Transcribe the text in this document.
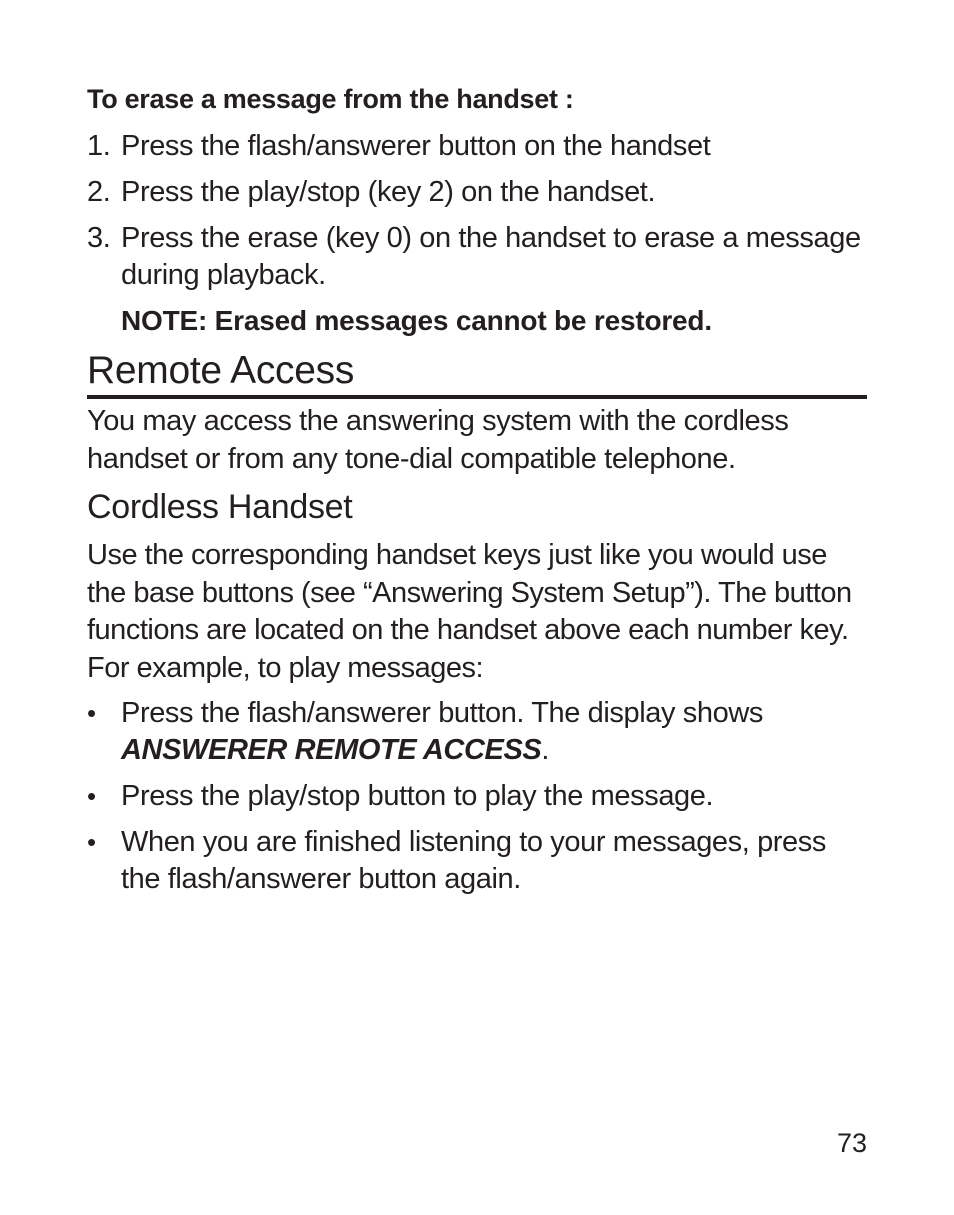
To erase a message from the handset :
1. Press the flash/answerer button on the handset
2. Press the play/stop (key 2) on the handset.
3. Press the erase (key 0) on the handset to erase a message during playback.
NOTE: Erased messages cannot be restored.
Remote Access

You may access the answering system with the cordless handset or from any tone-dial compatible telephone.

Cordless Handset

Use the corresponding handset keys just like you would use the base buttons (see “Answering System Setup”). The button functions are located on the handset above each number key. For example, to play messages:

• Press the flash/answerer button. The display shows ANSWERER REMOTE ACCESS.
• Press the play/stop button to play the message.
• When you are finished listening to your messages, press the flash/answerer button again.
73
